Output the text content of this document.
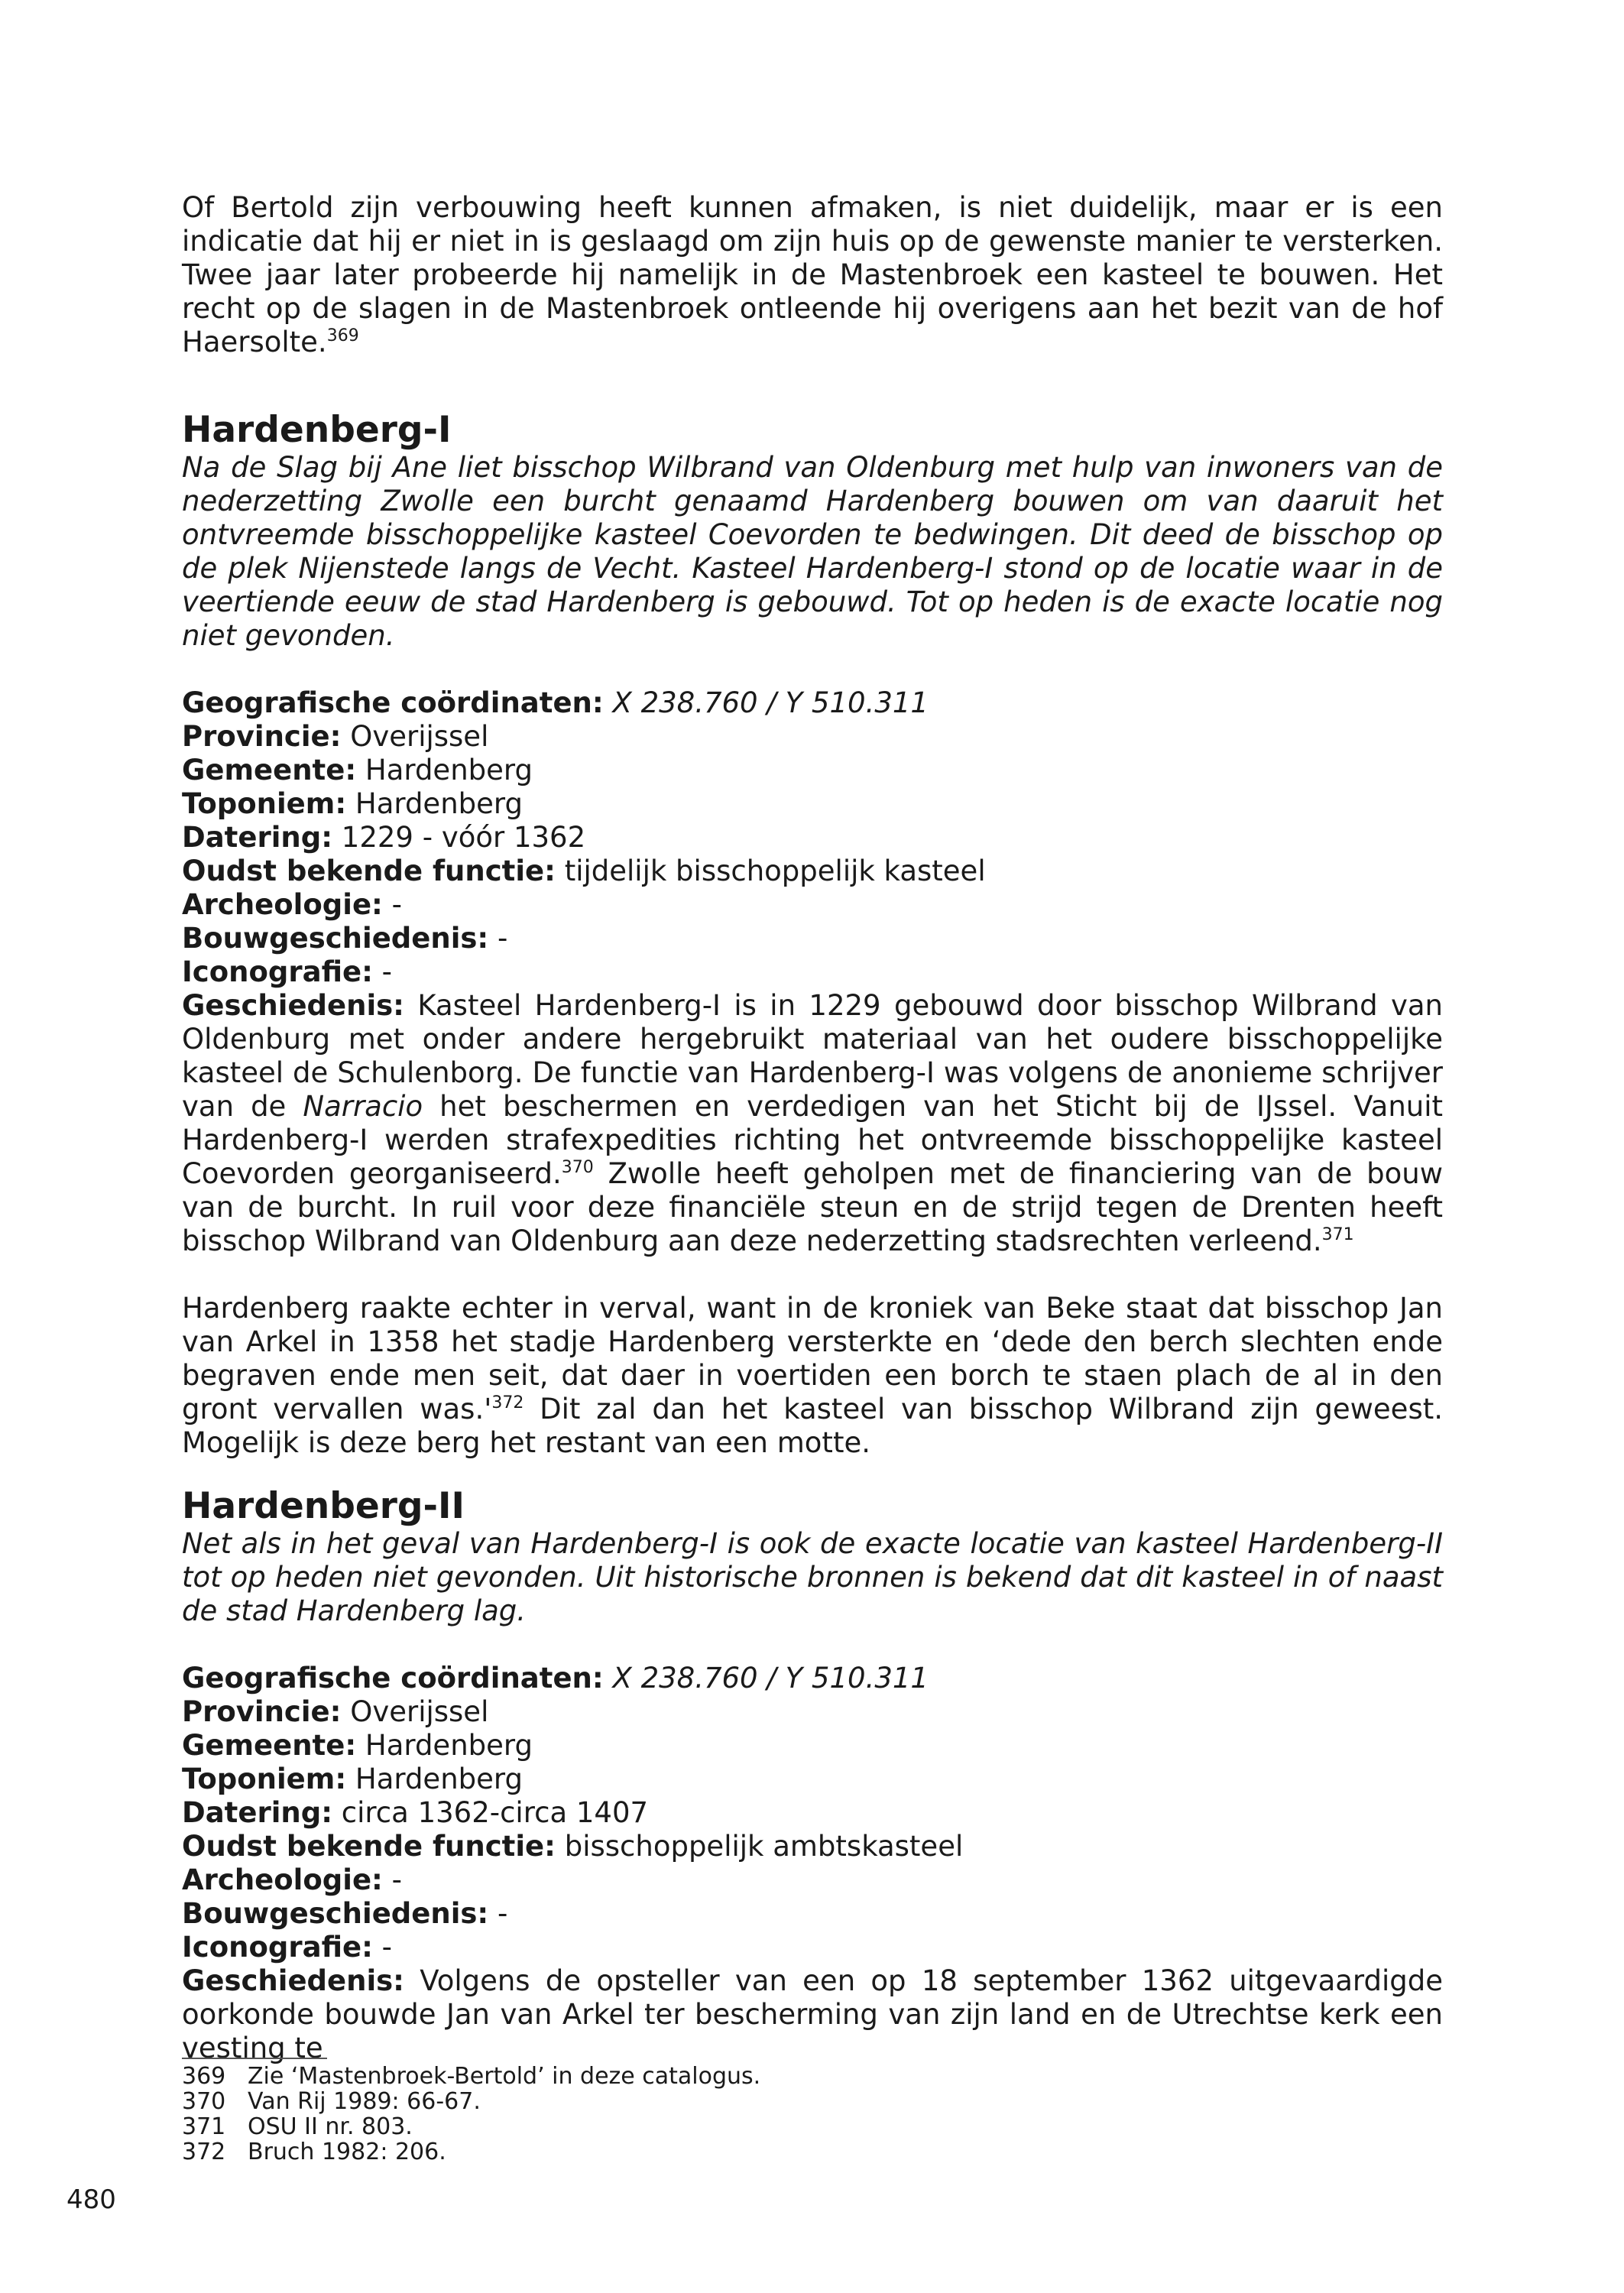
Of Bertold zijn verbouwing heeft kunnen afmaken, is niet duidelijk, maar er is een indicatie dat hij er niet in is geslaagd om zijn huis op de gewenste manier te versterken. Twee jaar later probeerde hij namelijk in de Mastenbroek een kasteel te bouwen. Het recht op de slagen in de Mastenbroek ontleende hij overigens aan het bezit van de hof Haersolte.$^{369}$

Hardenberg-I

Na de Slag bij Ane liet bisschop Wilbrand van Oldenburg met hulp van inwoners van de nederzetting Zwolle een burcht genaamd Hardenberg bouwen om van daaruit het ontvreemde bisschoppelijke kasteel Coevorden te bedwingen. Dit deed de bisschop op de plek Nijenstede langs de Vecht. Kasteel Hardenberg-I stond op de locatie waar in de veertiende eeuw de stad Hardenberg is gebouwd. Tot op heden is de exacte locatie nog niet gevonden.

Geografische coördinaten: X 238.760 / Y 510.311
Provincie: Overijssel
Gemeente: Hardenberg
Toponiem: Hardenberg
Datering: 1229 - vóór 1362
Oudst bekende functie: tijdelijk bisschoppelijk kasteel
Archeologie: -
Bouwgeschiedenis: -
Iconografie: -

Geschiedenis: Kasteel Hardenberg-I is in 1229 gebouwd door bisschop Wilbrand van Oldenburg met onder andere hergebruikt materiaal van het oudere bisschoppelijke kasteel de Schulenborg. De functie van Hardenberg-I was volgens de anonieme schrijver van de Narracio het beschermen en verdedigen van het Sticht bij de IJssel. Vanuit Hardenberg-I werden strafexpedities richting het ontvreemde bisschoppelijke kasteel Coevorden georganiseerd.$^{370}$ Zwolle heeft geholpen met de financiering van de bouw van de burcht. In ruil voor deze financiële steun en de strijd tegen de Drenten heeft bisschop Wilbrand van Oldenburg aan deze nederzetting stadsrechten verleend.$^{371}$

Hardenberg raakte echter in verval, want in de kroniek van Beke staat dat bisschop Jan van Arkel in 1358 het stadje Hardenberg versterkte en ‘dede den berch slechten ende begraven ende men seit, dat daer in voertiden een borch te staen plach de al in den gront vervallen $was.'^{372}$ Dit zal dan het kasteel van bisschop Wilbrand zijn geweest. Mogelijk is deze berg het restant van een motte.

Hardenberg-II

Net als in het geval van Hardenberg-I is ook de exacte locatie van kasteel Hardenberg-II tot op heden niet gevonden. Uit historische bronnen is bekend dat dit kasteel in of naast de stad Hardenberg lag.

Geografische coördinaten: X 238.760 / Y 510.311
Provincie: Overijssel
Gemeente: Hardenberg
Toponiem: Hardenberg
Datering: circa 1362-circa 1407
Oudst bekende functie: bisschoppelijk ambtskasteel
Archeologie: -
Bouwgeschiedenis: -
Iconografie: -

Geschiedenis: Volgens de opsteller van een op 18 september 1362 uitgevaardigde oorkonde bouwde Jan van Arkel ter bescherming van zijn land en de Utrechtse kerk een vesting te

369 Zie ‘Mastenbroek-Bertold’ in deze catalogus.
370 Van Rij 1989: 66-67.
371 OSU II nr. 803.
372 Bruch 1982: 206.
480
